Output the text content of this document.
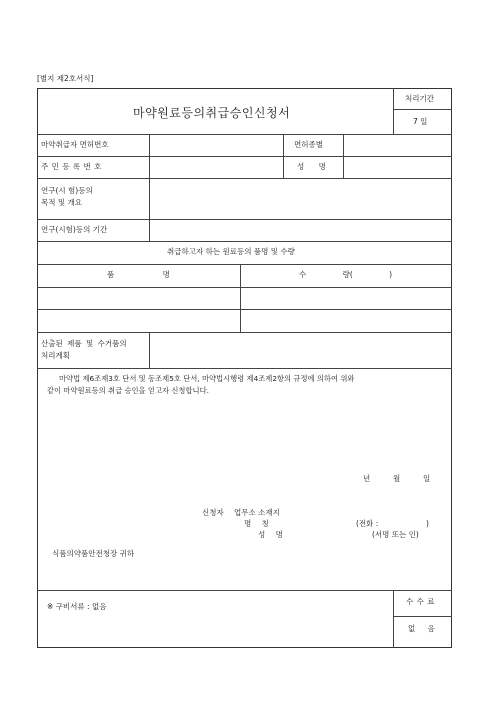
[별지 제2호서식]
마약원료등의취급승인신청서
처리기간
7 일
마약취급자 면허번호	면허종별
주 민 등 록 번 호	성 명
연구(시 험)등의
목적 및 개요
연구(시험)등의 기간
취급하고자 하는 원료등의 품명 및 수량
품 명	수 량( )
산출된 제품 및 수거품의
처리계획
마약법 제6조제3호 단서 및 동조제5호 단서, 마약법시행령 제4조제2항의 규정에 의하여 위와
같이 마약원료등의 취급 승인을 얻고자 신청합니다.
년	월	일
신청자 업무소 소재지
명 칭	(전화 :	)
성 명	(서명 또는 인)
식품의약품안전청장 귀하
※ 구비서류 : 없음
수 수 료
없 음
